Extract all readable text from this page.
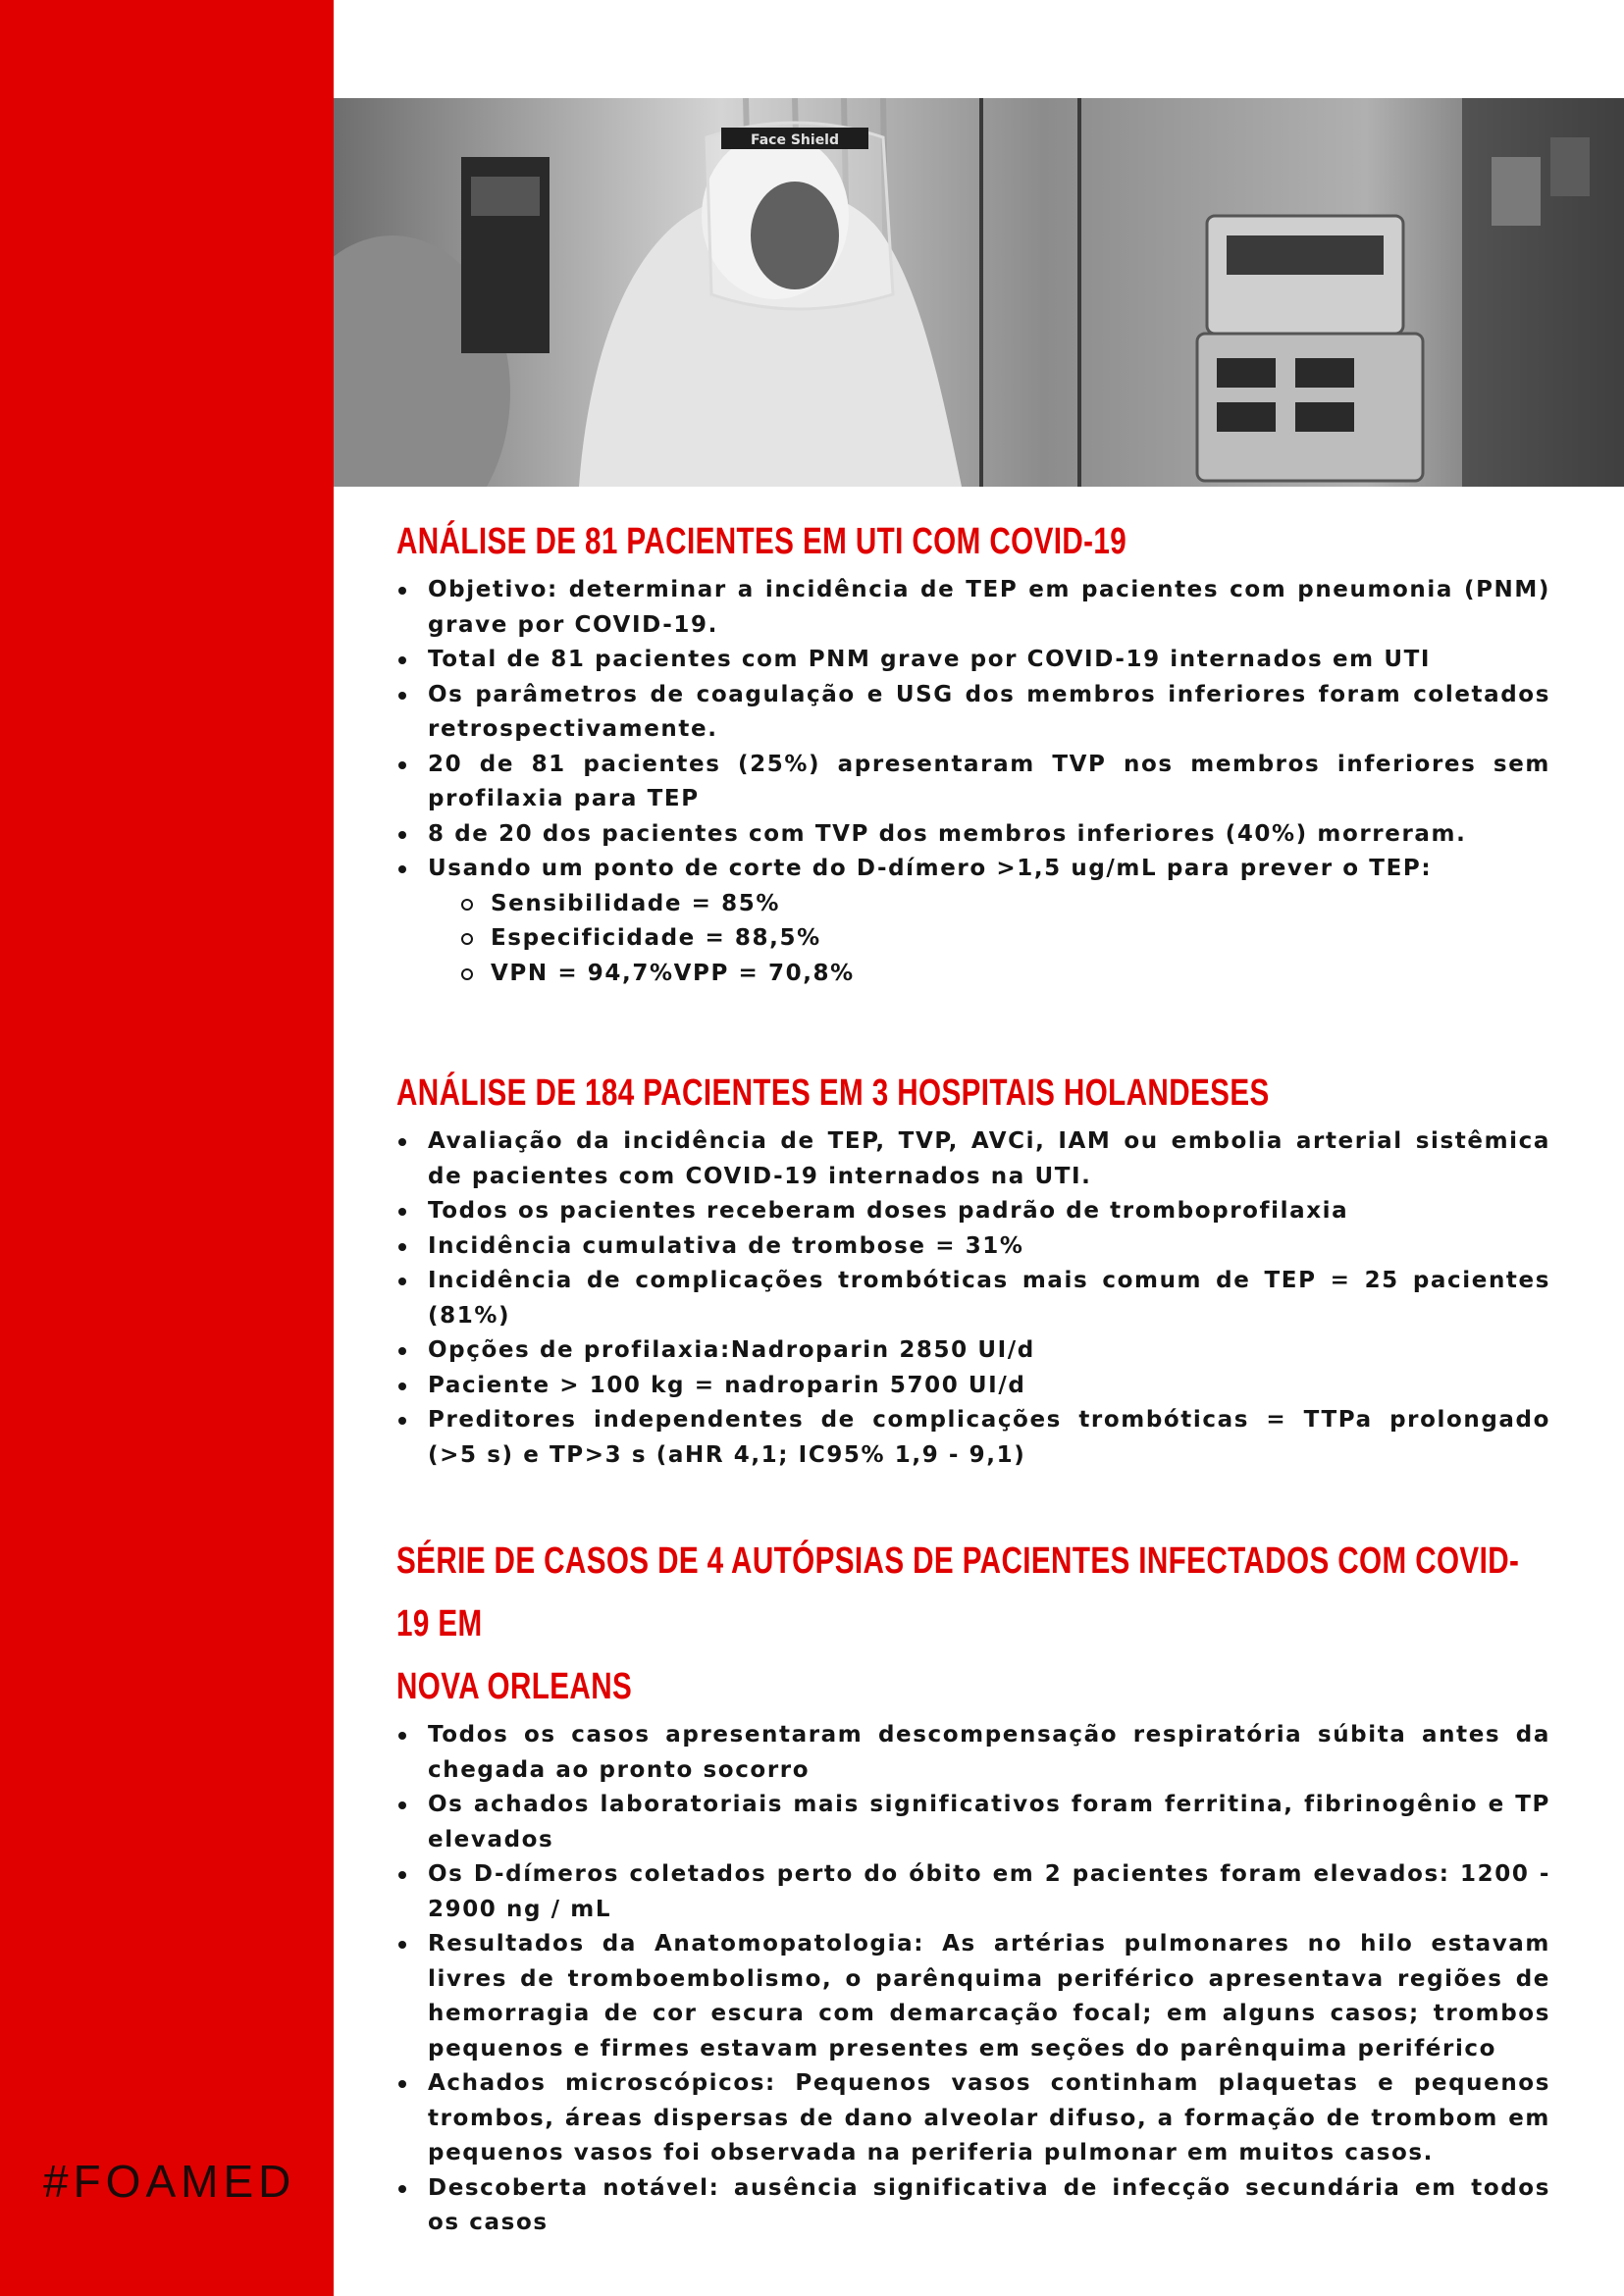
#FOAMED
Face Shield
ANÁLISE DE 81 PACIENTES EM UTI COM COVID-19
Objetivo: determinar a incidência de TEP em pacientes com pneumonia (PNM) grave por COVID-19.
Total de 81 pacientes com PNM grave por COVID-19 internados em UTI
Os parâmetros de coagulação e USG dos membros inferiores foram coletados retrospectivamente.
20 de 81 pacientes (25%) apresentaram TVP nos membros inferiores sem profilaxia para TEP
8 de 20 dos pacientes com TVP dos membros inferiores (40%) morreram.
Usando um ponto de corte do D-dímero >1,5 ug/mL para prever o TEP:
Sensibilidade = 85%
Especificidade = 88,5%
VPN = 94,7%VPP = 70,8%
ANÁLISE DE 184 PACIENTES EM 3 HOSPITAIS HOLANDESES
Avaliação da incidência de TEP, TVP, AVCi, IAM ou embolia arterial sistêmica de pacientes com COVID-19 internados na UTI.
Todos os pacientes receberam doses padrão de tromboprofilaxia
Incidência cumulativa de trombose = 31%
Incidência de complicações trombóticas mais comum de TEP = 25 pacientes (81%)
Opções de profilaxia:Nadroparin 2850 UI/d
Paciente > 100 kg = nadroparin 5700 UI/d
Preditores independentes de complicações trombóticas = TTPa prolongado (>5 s) e TP>3 s (aHR 4,1; IC95% 1,9 - 9,1)
SÉRIE DE CASOS DE 4 AUTÓPSIAS DE PACIENTES INFECTADOS COM COVID-19 EM
NOVA ORLEANS
Todos os casos apresentaram descompensação respiratória súbita antes da chegada ao pronto socorro
Os achados laboratoriais mais significativos foram ferritina, fibrinogênio e TP elevados
Os D-dímeros coletados perto do óbito em 2 pacientes foram elevados: 1200 - 2900 ng / mL
Resultados da Anatomopatologia: As artérias pulmonares no hilo estavam livres de tromboembolismo, o parênquima periférico apresentava regiões de hemorragia de cor escura com demarcação focal; em alguns casos; trombos pequenos e firmes estavam presentes em seções do parênquima periférico
Achados microscópicos: Pequenos vasos continham plaquetas e pequenos trombos, áreas dispersas de dano alveolar difuso, a formação de trombom em pequenos vasos foi observada na periferia pulmonar em muitos casos.
Descoberta notável: ausência significativa de infecção secundária em todos os casos
